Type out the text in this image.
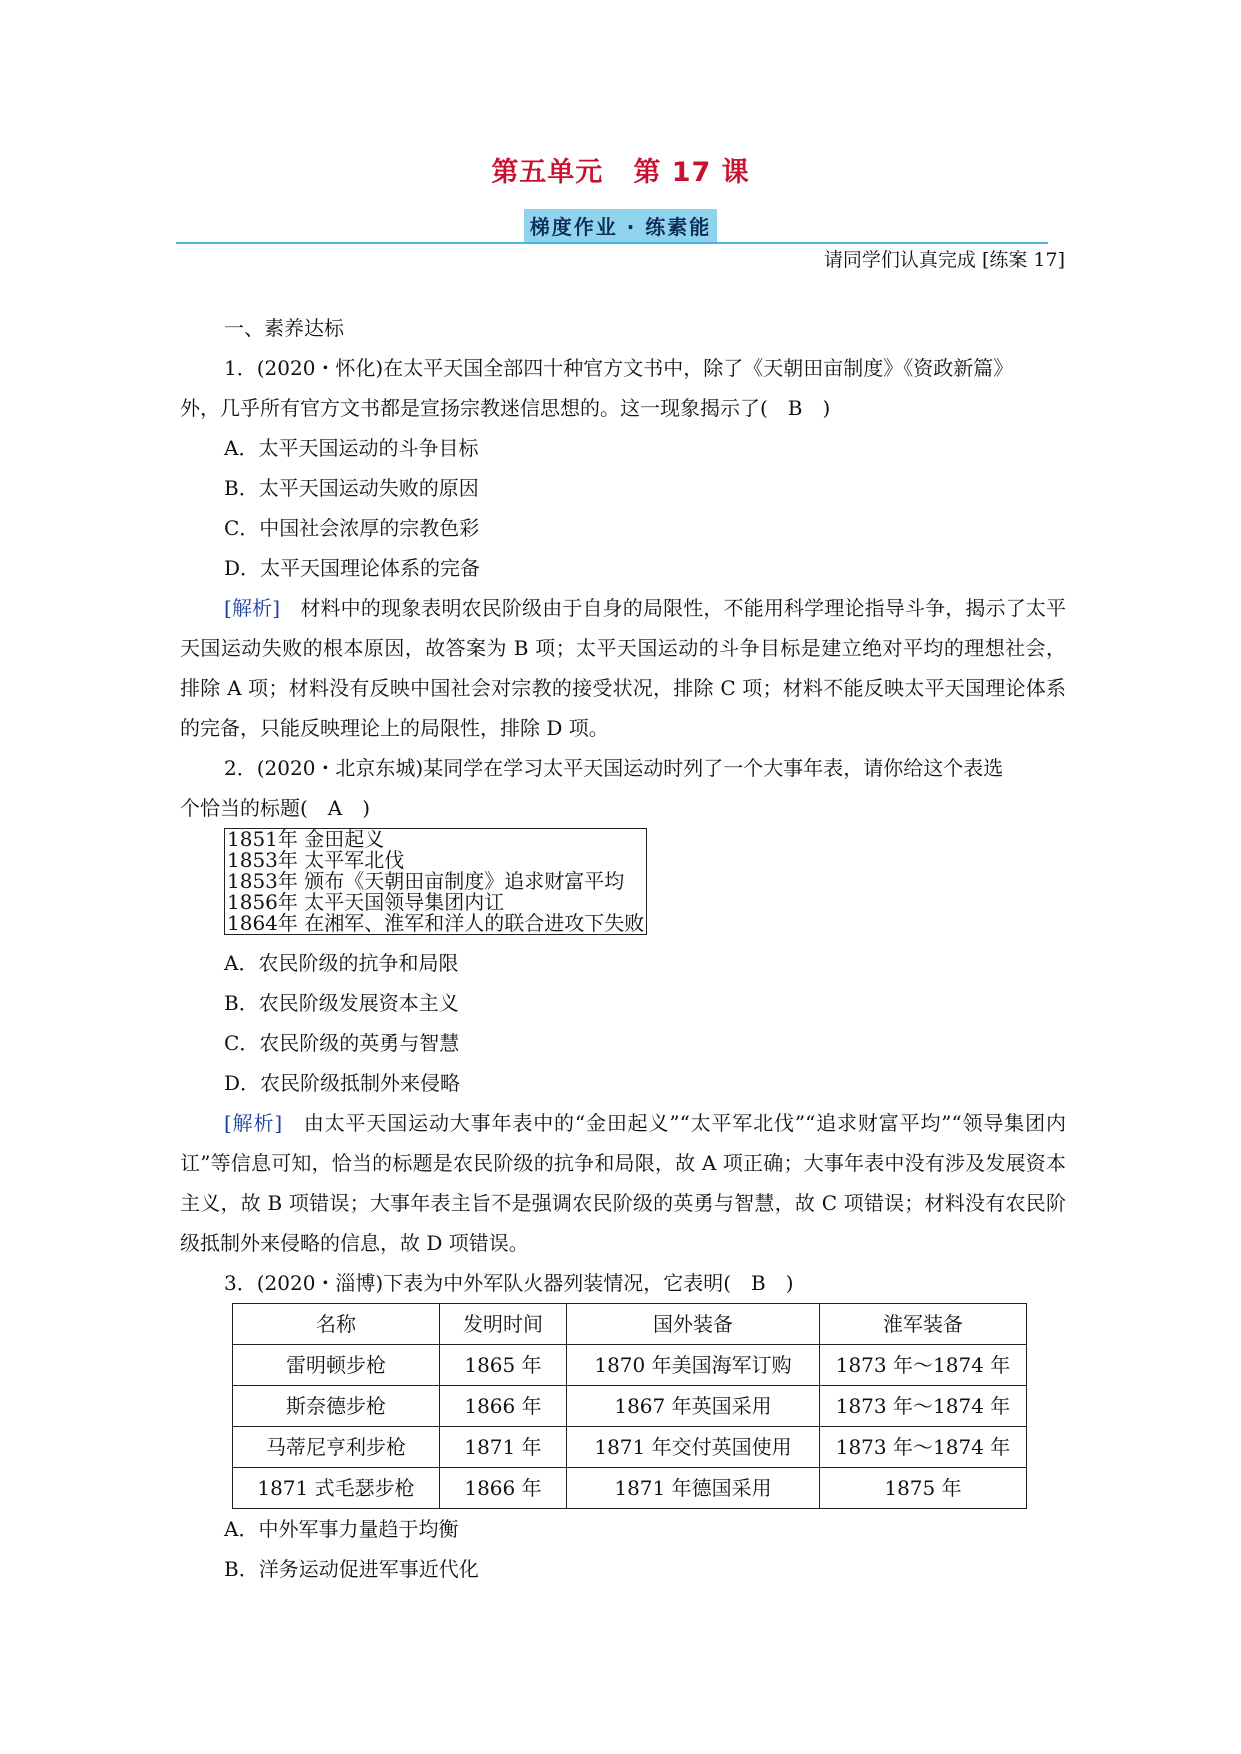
第五单元 第 17 课
梯度作业 · 练素能
请同学们认真完成 [练案 17]
一、素养达标
1．(2020・怀化)在太平天国全部四十种官方文书中，除了《天朝田亩制度》《资政新篇》
外，几乎所有官方文书都是宣扬宗教迷信思想的。这一现象揭示了(　B　)
A．太平天国运动的斗争目标
B．太平天国运动失败的原因
C．中国社会浓厚的宗教色彩
D．太平天国理论体系的完备
[解析]　 材料中的现象表明农民阶级由于自身的局限性，不能用科学理论指导斗争，揭示了太平天国运动失败的根本原因，故答案为 B 项；太平天国运动的斗争目标是建立绝对平均的理想社会，排除 A 项；材料没有反映中国社会对宗教的接受状况，排除 C 项；材料不能反映太平天国理论体系的完备，只能反映理论上的局限性，排除 D 项。
2．(2020・北京东城)某同学在学习太平天国运动时列了一个大事年表，请你给这个表选
个恰当的标题(　A　)
1851年 金田起义
1853年 太平军北伐
1853年 颁布《天朝田亩制度》追求财富平均
1856年 太平天国领导集团内讧
1864年 在湘军、淮军和洋人的联合进攻下失败
A．农民阶级的抗争和局限
B．农民阶级发展资本主义
C．农民阶级的英勇与智慧
D．农民阶级抵制外来侵略
[解析]　 由太平天国运动大事年表中的“金田起义”“太平军北伐”“追求财富平均”“领导集团内讧”等信息可知，恰当的标题是农民阶级的抗争和局限，故 A 项正确；大事年表中没有涉及发展资本主义，故 B 项错误；大事年表主旨不是强调农民阶级的英勇与智慧，故 C 项错误；材料没有农民阶级抵制外来侵略的信息，故 D 项错误。
3．(2020・淄博)下表为中外军队火器列装情况，它表明(　B　)
名称	发明时间	国外装备	淮军装备
雷明顿步枪	1865 年	1870 年美国海军订购	1873 年～1874 年
斯奈德步枪	1866 年	1867 年英国采用	1873 年～1874 年
马蒂尼亨利步枪	1871 年	1871 年交付英国使用	1873 年～1874 年
1871 式毛瑟步枪	1866 年	1871 年德国采用	1875 年
A．中外军事力量趋于均衡
B．洋务运动促进军事近代化
